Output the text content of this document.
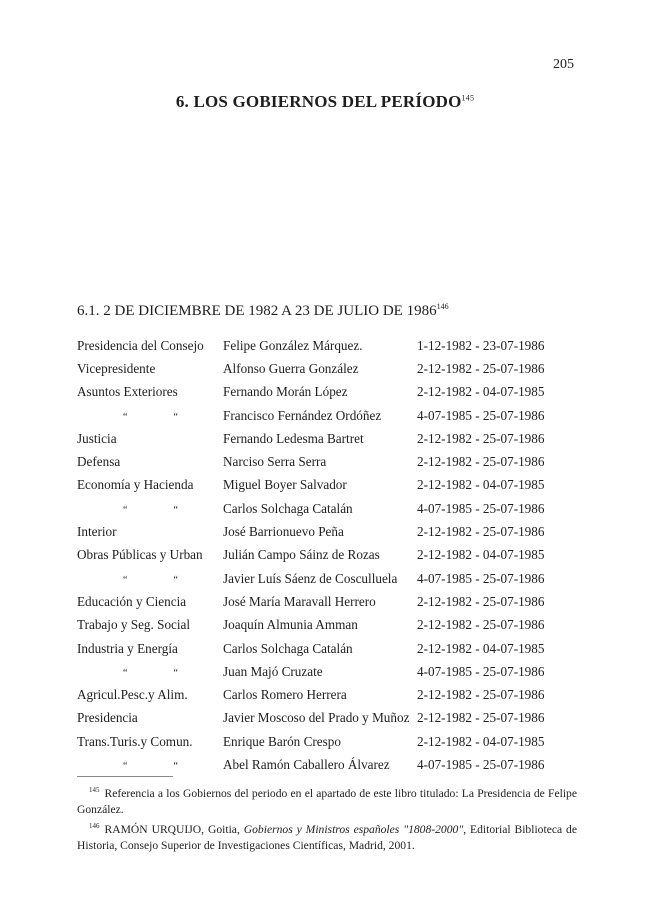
205
6. LOS GOBIERNOS DEL PERÍODO$^{145}$
6.1. 2 DE DICIEMBRE DE 1982 A 23 DE JULIO DE 1986$^{146}$
Presidencia del Consejo	Felipe González Márquez.	1-12-1982 - 23-07-1986
Vicepresidente	Alfonso Guerra González	2-12-1982 - 25-07-1986
Asuntos Exteriores	Fernando Morán López	2-12-1982 - 04-07-1985
“ “	Francisco Fernández Ordóñez	4-07-1985 - 25-07-1986
Justicia	Fernando Ledesma Bartret	2-12-1982 - 25-07-1986
Defensa	Narciso Serra Serra	2-12-1982 - 25-07-1986
Economía y Hacienda	Miguel Boyer Salvador	2-12-1982 - 04-07-1985
“ “	Carlos Solchaga Catalán	4-07-1985 - 25-07-1986
Interior	José Barrionuevo Peña	2-12-1982 - 25-07-1986
Obras Públicas y Urban	Julián Campo Sáinz de Rozas	2-12-1982 - 04-07-1985
“ “	Javier Luís Sáenz de Cosculluela	4-07-1985 - 25-07-1986
Educación y Ciencia	José María Maravall Herrero	2-12-1982 - 25-07-1986
Trabajo y Seg. Social	Joaquín Almunia Amman	2-12-1982 - 25-07-1986
Industria y Energía	Carlos Solchaga Catalán	2-12-1982 - 04-07-1985
“ “	Juan Majó Cruzate	4-07-1985 - 25-07-1986
Agricul.Pesc.y Alim.	Carlos Romero Herrera	2-12-1982 - 25-07-1986
Presidencia	Javier Moscoso del Prado y Muñoz	2-12-1982 - 25-07-1986
Trans.Turis.y Comun.	Enrique Barón Crespo	2-12-1982 - 04-07-1985
“ “	Abel Ramón Caballero Álvarez	4-07-1985 - 25-07-1986

$^{145}$ Referencia a los Gobiernos del periodo en el apartado de este libro titulado: La Presidencia de Felipe González.

$^{146}$ RAMÓN URQUIJO, Goitia, Gobiernos y Ministros españoles "1808-2000", Editorial Biblioteca de Historia, Consejo Superior de Investigaciones Científicas, Madrid, 2001.
